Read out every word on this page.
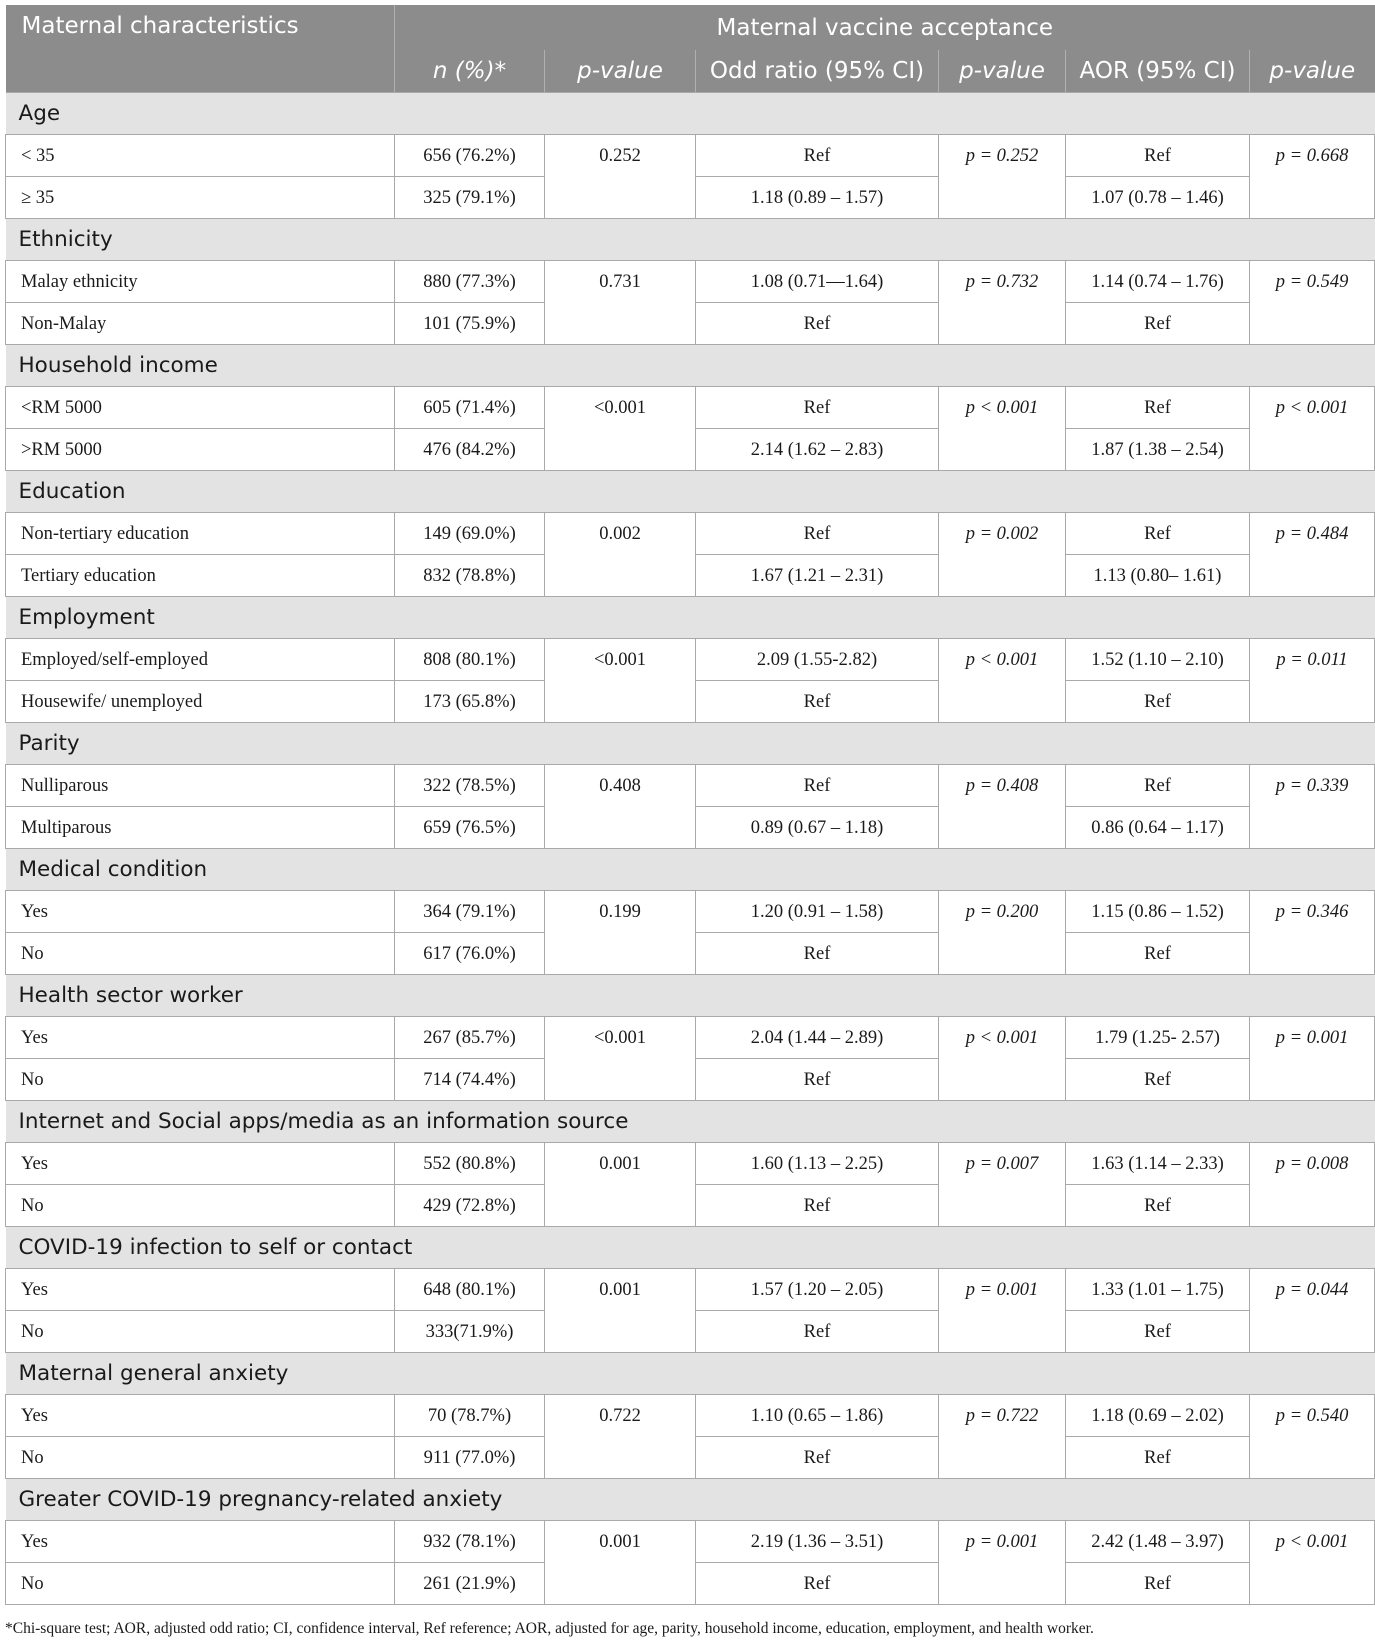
Maternal characteristics	Maternal vaccine acceptance					
	n (%)*	p-value	Odd ratio (95% CI)	p-value	AOR (95% CI)	p-value
Age						
< 35	656 (76.2%)	0.252	Ref	p = 0.252	Ref	p = 0.668
≥ 35	325 (79.1%)		1.18 (0.89 – 1.57)		1.07 (0.78 – 1.46)	
Ethnicity						
Malay ethnicity	880 (77.3%)	0.731	1.08 (0.71—1.64)	p = 0.732	1.14 (0.74 – 1.76)	p = 0.549
Non-Malay	101 (75.9%)		Ref		Ref	
Household income						
<RM 5000	605 (71.4%)	<0.001	Ref	p < 0.001	Ref	p < 0.001
>RM 5000	476 (84.2%)		2.14 (1.62 – 2.83)		1.87 (1.38 – 2.54)	
Education						
Non-tertiary education	149 (69.0%)	0.002	Ref	p = 0.002	Ref	p = 0.484
Tertiary education	832 (78.8%)		1.67 (1.21 – 2.31)		1.13 (0.80– 1.61)	
Employment						
Employed/self-employed	808 (80.1%)	<0.001	2.09 (1.55-2.82)	p < 0.001	1.52 (1.10 – 2.10)	p = 0.011
Housewife/ unemployed	173 (65.8%)		Ref		Ref	
Parity						
Nulliparous	322 (78.5%)	0.408	Ref	p = 0.408	Ref	p = 0.339
Multiparous	659 (76.5%)		0.89 (0.67 – 1.18)		0.86 (0.64 – 1.17)	
Medical condition						
Yes	364 (79.1%)	0.199	1.20 (0.91 – 1.58)	p = 0.200	1.15 (0.86 – 1.52)	p = 0.346
No	617 (76.0%)		Ref		Ref	
Health sector worker						
Yes	267 (85.7%)	<0.001	2.04 (1.44 – 2.89)	p < 0.001	1.79 (1.25- 2.57)	p = 0.001
No	714 (74.4%)		Ref		Ref	
Internet and Social apps/media as an information source						
Yes	552 (80.8%)	0.001	1.60 (1.13 – 2.25)	p = 0.007	1.63 (1.14 – 2.33)	p = 0.008
No	429 (72.8%)		Ref		Ref	
COVID-19 infection to self or contact						
Yes	648 (80.1%)	0.001	1.57 (1.20 – 2.05)	p = 0.001	1.33 (1.01 – 1.75)	p = 0.044
No	333(71.9%)		Ref		Ref	
Maternal general anxiety						
Yes	70 (78.7%)	0.722	1.10 (0.65 – 1.86)	p = 0.722	1.18 (0.69 – 2.02)	p = 0.540
No	911 (77.0%)		Ref		Ref	
Greater COVID-19 pregnancy-related anxiety						
Yes	932 (78.1%)	0.001	2.19 (1.36 – 3.51)	p = 0.001	2.42 (1.48 – 3.97)	p < 0.001
No	261 (21.9%)		Ref		Ref	
*Chi-square test; AOR, adjusted odd ratio; CI, confidence interval, Ref reference; AOR, adjusted for age, parity, household income, education, employment, and health worker.
